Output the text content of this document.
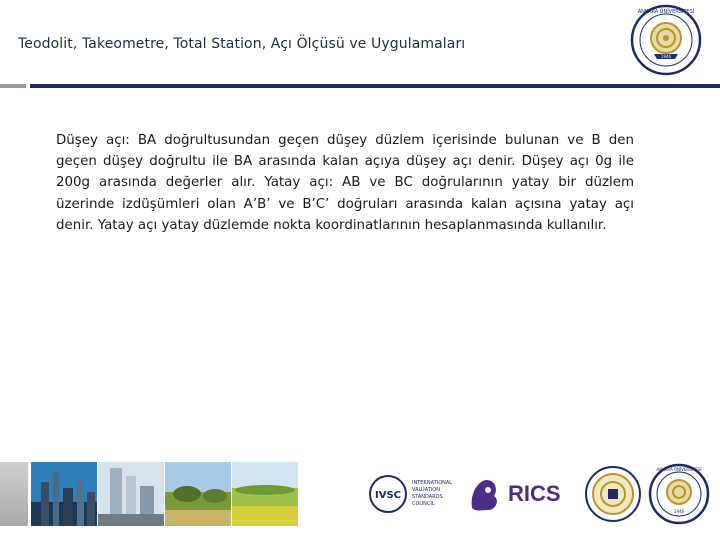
Teodolit, Takeometre, Total Station, Açı Ölçüsü ve Uygulamaları
1946
ANKARA ÜNİVERSİTESİ
Düşey açı: BA doğrultusundan geçen düşey düzlem içerisinde bulunan ve B den geçen düşey doğrultu ile BA arasında kalan açıya düşey açı denir. Düşey açı 0g ile 200g arasında değerler alır. Yatay açı: AB ve BC doğrularının yatay bir düzlem üzerinde izdüşümleri olan A’B’ ve B’C’ doğruları arasında kalan açısına yatay açı denir. Yatay açı yatay düzlemde nokta koordinatlarının hesaplanmasında kullanılır.
IVSC
INTERNATIONAL
VALUATION
STANDARDS
COUNCIL	RICS
ANKARA ÜNİVERSİTESİ
1946
